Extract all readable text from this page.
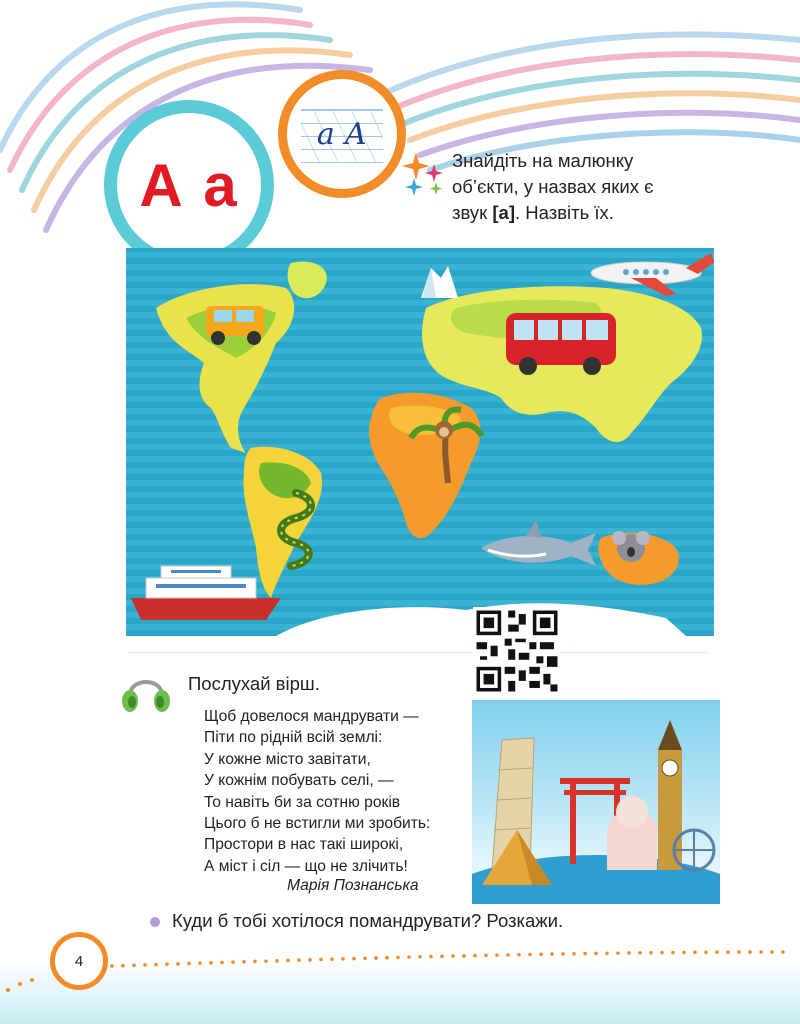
А а
а А
Знайдіть на малюнку
об’єкти, у назвах яких є
звук [а]. Назвіть їх.
Послухай вірш.
Щоб довелося мандрувати —
Піти по рідній всій землі:
У кожне місто завітати,
У кожнім побувать селі, —
То навіть би за сотню років
Цього б не встигли ми зробить:
Простори в нас такі широкі,
А міст і сіл — що не злічить!
Марія Познанська
Куди б тобі хотілося помандрувати? Розкажи.
4
